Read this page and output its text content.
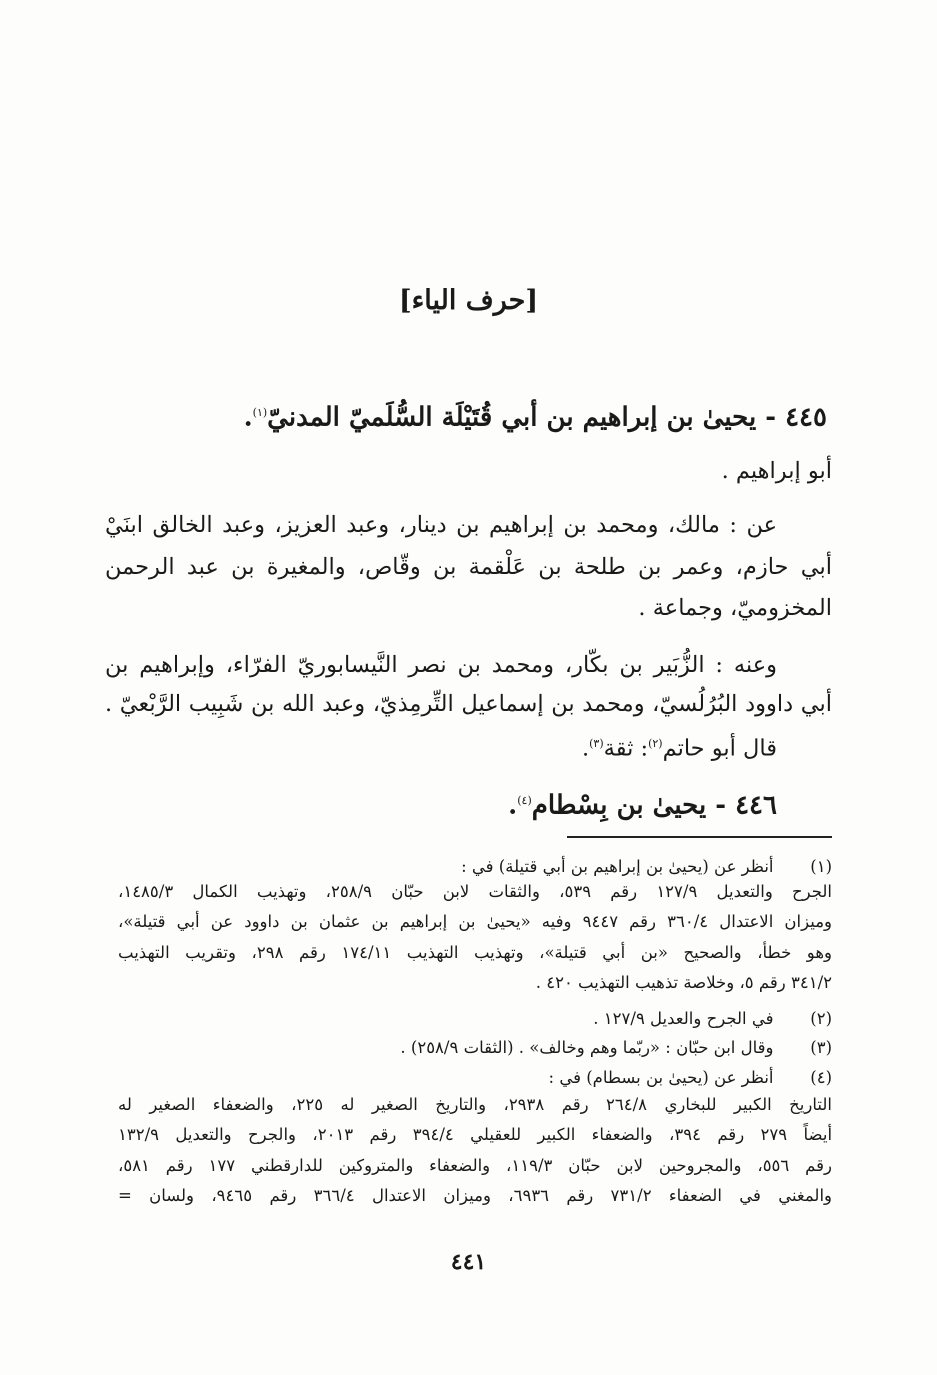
[حرف الياء]
٤٤٥ - يحيىٰ بن إبراهيم بن أبي قُتَيْلَة السُّلَميّ المدنيّ$^{(١)}$.
أبو إبراهيم .
عن : مالك، ومحمد بن إبراهيم بن دينار، وعبد العزيز، وعبد الخالق ابنَيْ
أبي حازم، وعمر بن طلحة بن عَلْقمة بن وقّاص، والمغيرة بن عبد الرحمن
المخزوميّ، وجماعة .
وعنه : الزُّبَير بن بكّار، ومحمد بن نصر النَّيسابوريّ الفرّاء، وإبراهيم بن
أبي داوود البُرُلُسيّ، ومحمد بن إسماعيل التِّرمِذيّ، وعبد الله بن شَبِيب الرَّبْعيّ .
قال أبو حاتم$^{(٢)}$: ثقة$^{(٣)}$.
٤٤٦ - يحيىٰ بن بِسْطام$^{(٤)}$.
(١)  أنظر عن (يحيىٰ بن إبراهيم بن أبي قتيلة) في :
الجرح والتعديل ١٢٧/٩ رقم ٥٣٩، والثقات لابن حبّان ٢٥٨/٩، وتهذيب الكمال ١٤٨٥/٣،
وميزان الاعتدال ٣٦٠/٤ رقم ٩٤٤٧ وفيه «يحيىٰ بن إبراهيم بن عثمان بن داوود عن أبي قتيلة»،
وهو خطأ، والصحيح «بن أبي قتيلة»، وتهذيب التهذيب ١٧٤/١١ رقم ٢٩٨، وتقريب التهذيب
٣٤١/٢ رقم ٥، وخلاصة تذهيب التهذيب ٤٢٠ .
(٢)  في الجرح والعديل ١٢٧/٩ .
(٣)  وقال ابن حبّان : «ربّما وهم وخالف» . (الثقات ٢٥٨/٩) .
(٤)  أنظر عن (يحيىٰ بن بسطام) في :
التاريخ الكبير للبخاري ٢٦٤/٨ رقم ٢٩٣٨، والتاريخ الصغير له ٢٢٥، والضعفاء الصغير له
أيضاً ٢٧٩ رقم ٣٩٤، والضعفاء الكبير للعقيلي ٣٩٤/٤ رقم ٢٠١٣، والجرح والتعديل ١٣٢/٩
رقم ٥٥٦، والمجروحين لابن حبّان ١١٩/٣، والضعفاء والمتروكين للدارقطني ١٧٧ رقم ٥٨١،
والمغني في الضعفاء ٧٣١/٢ رقم ٦٩٣٦، وميزان الاعتدال ٣٦٦/٤ رقم ٩٤٦٥، ولسان =
٤٤١
